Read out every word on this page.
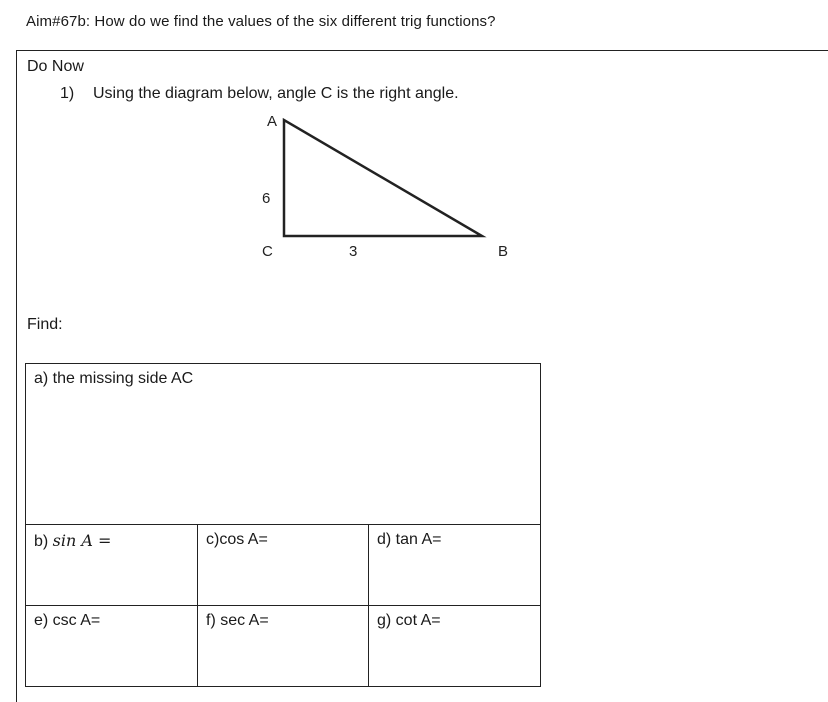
Aim#67b: How do we find the values of the six different trig functions?
Do Now
1) Using the diagram below, angle C is the right angle.
A
6
C	3	B
Find:
a) the missing side AC		
b) sin A =	c)cos A=	d) tan A=
e) csc A=	f) sec A=	g) cot A=
